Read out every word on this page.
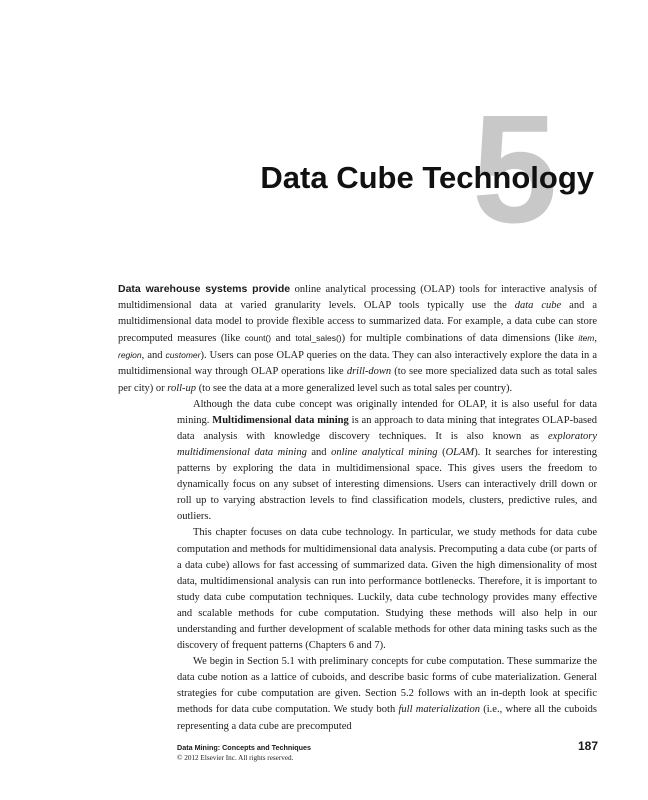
5
Data Cube Technology

Data warehouse systems provide online analytical processing (OLAP) tools for interactive analysis of multidimensional data at varied granularity levels. OLAP tools typically use the data cube and a multidimensional data model to provide flexible access to summarized data. For example, a data cube can store precomputed measures (like count() and total_sales()) for multiple combinations of data dimensions (like item, region, and customer). Users can pose OLAP queries on the data. They can also interactively explore the data in a multidimensional way through OLAP operations like drill-down (to see more specialized data such as total sales per city) or roll-up (to see the data at a more generalized level such as total sales per country).

Although the data cube concept was originally intended for OLAP, it is also useful for data mining. Multidimensional data mining is an approach to data mining that integrates OLAP-based data analysis with knowledge discovery techniques. It is also known as exploratory multidimensional data mining and online analytical mining (OLAM). It searches for interesting patterns by exploring the data in multidimensional space. This gives users the freedom to dynamically focus on any subset of interesting dimensions. Users can interactively drill down or roll up to varying abstraction levels to find classification models, clusters, predictive rules, and outliers.

This chapter focuses on data cube technology. In particular, we study methods for data cube computation and methods for multidimensional data analysis. Precomputing a data cube (or parts of a data cube) allows for fast accessing of summarized data. Given the high dimensionality of most data, multidimensional analysis can run into performance bottlenecks. Therefore, it is important to study data cube computation techniques. Luckily, data cube technology provides many effective and scalable methods for cube computation. Studying these methods will also help in our understanding and further development of scalable methods for other data mining tasks such as the discovery of frequent patterns (Chapters 6 and 7).

We begin in Section 5.1 with preliminary concepts for cube computation. These summarize the data cube notion as a lattice of cuboids, and describe basic forms of cube materialization. General strategies for cube computation are given. Section 5.2 follows with an in-depth look at specific methods for data cube computation. We study both full materialization (i.e., where all the cuboids representing a data cube are precomputed

Data Mining: Concepts and Techniques
© 2012 Elsevier Inc. All rights reserved.
187
